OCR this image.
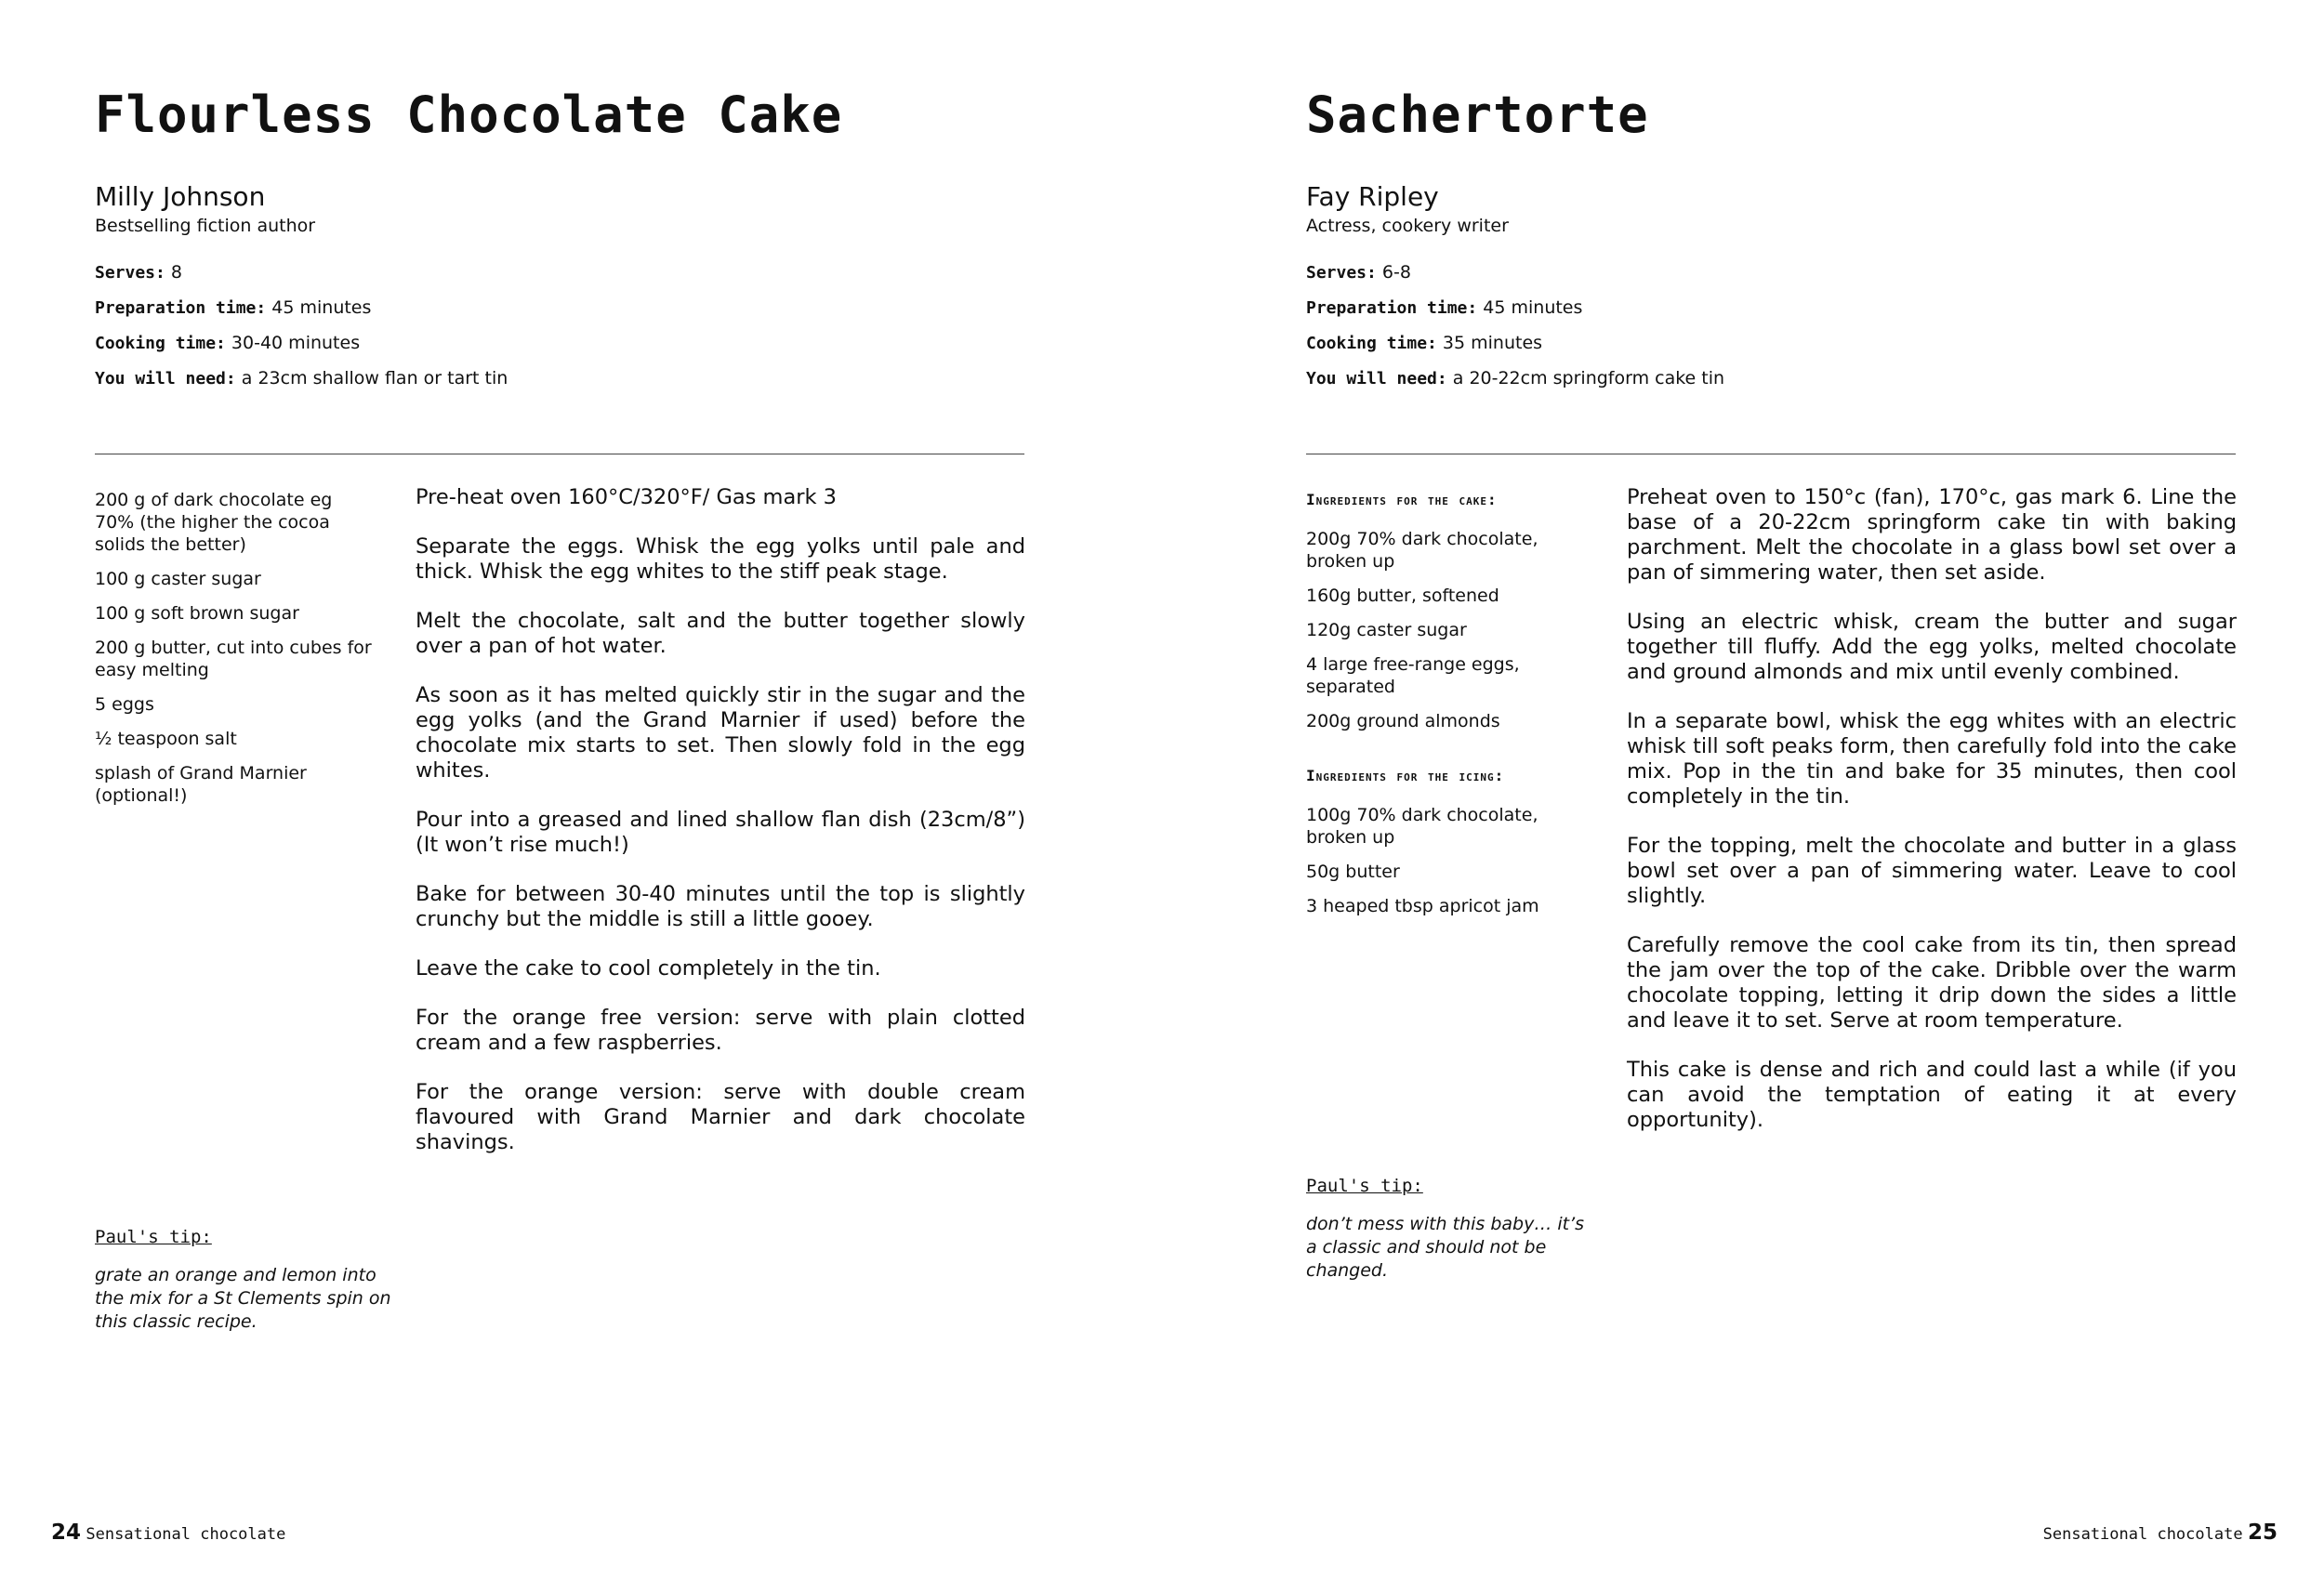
Flourless Chocolate Cake
Milly Johnson
Bestselling fiction author
Serves: 8
Preparation time: 45 minutes
Cooking time: 30-40 minutes
You will need: a 23cm shallow flan or tart tin
200 g of dark chocolate eg 70% (the higher the cocoa solids the better)
100 g caster sugar
100 g soft brown sugar
200 g butter, cut into cubes for easy melting
5 eggs
½ teaspoon salt
splash of Grand Marnier (optional!)

Pre-heat oven 160°C/320°F/ Gas mark 3

Separate the eggs. Whisk the egg yolks until pale and thick. Whisk the egg whites to the stiff peak stage.

Melt the chocolate, salt and the butter together slowly over a pan of hot water.

As soon as it has melted quickly stir in the sugar and the egg yolks (and the Grand Marnier if used) before the chocolate mix starts to set. Then slowly fold in the egg whites.

Pour into a greased and lined shallow flan dish (23cm/8”) (It won’t rise much!)

Bake for between 30-40 minutes until the top is slightly crunchy but the middle is still a little gooey.

Leave the cake to cool completely in the tin.

For the orange free version: serve with plain clotted cream and a few raspberries.

For the orange version: serve with double cream flavoured with Grand Marnier and dark chocolate shavings.

Paul's tip:
grate an orange and lemon into the mix for a St Clements spin on this classic recipe.
24 Sensational chocolate
Sachertorte
Fay Ripley
Actress, cookery writer
Serves: 6-8
Preparation time: 45 minutes
Cooking time: 35 minutes
You will need: a 20-22cm springform cake tin
Ingredients for the cake:
200g 70% dark chocolate, broken up
160g butter, softened
120g caster sugar
4 large free-range eggs, separated
200g ground almonds
Ingredients for the icing:
100g 70% dark chocolate, broken up
50g butter
3 heaped tbsp apricot jam

Preheat oven to 150°c (fan), 170°c, gas mark 6. Line the base of a 20-22cm springform cake tin with baking parchment. Melt the chocolate in a glass bowl set over a pan of simmering water, then set aside.

Using an electric whisk, cream the butter and sugar together till fluffy. Add the egg yolks, melted chocolate and ground almonds and mix until evenly combined.

In a separate bowl, whisk the egg whites with an electric whisk till soft peaks form, then carefully fold into the cake mix. Pop in the tin and bake for 35 minutes, then cool completely in the tin.

For the topping, melt the chocolate and butter in a glass bowl set over a pan of simmering water. Leave to cool slightly.

Carefully remove the cool cake from its tin, then spread the jam over the top of the cake. Dribble over the warm chocolate topping, letting it drip down the sides a little and leave it to set. Serve at room temperature.

This cake is dense and rich and could last a while (if you can avoid the temptation of eating it at every opportunity).

Paul's tip:
don’t mess with this baby… it’s a classic and should not be changed.
Sensational chocolate 25
